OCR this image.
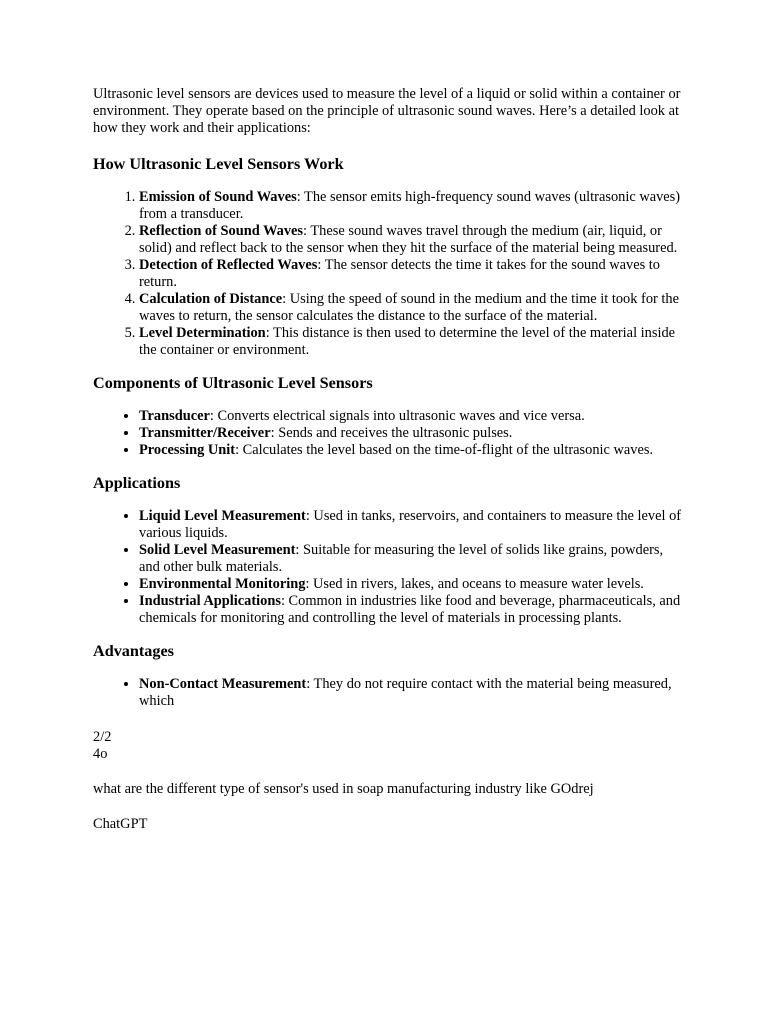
Ultrasonic level sensors are devices used to measure the level of a liquid or solid within a container or environment. They operate based on the principle of ultrasonic sound waves. Here’s a detailed look at how they work and their applications:

How Ultrasonic Level Sensors Work
1. Emission of Sound Waves: The sensor emits high-frequency sound waves (ultrasonic waves) from a transducer.
2. Reflection of Sound Waves: These sound waves travel through the medium (air, liquid, or solid) and reflect back to the sensor when they hit the surface of the material being measured.
3. Detection of Reflected Waves: The sensor detects the time it takes for the sound waves to return.
4. Calculation of Distance: Using the speed of sound in the medium and the time it took for the waves to return, the sensor calculates the distance to the surface of the material.
5. Level Determination: This distance is then used to determine the level of the material inside the container or environment.
Components of Ultrasonic Level Sensors
• Transducer: Converts electrical signals into ultrasonic waves and vice versa.
• Transmitter/Receiver: Sends and receives the ultrasonic pulses.
• Processing Unit: Calculates the level based on the time-of-flight of the ultrasonic waves.
Applications
• Liquid Level Measurement: Used in tanks, reservoirs, and containers to measure the level of various liquids.
• Solid Level Measurement: Suitable for measuring the level of solids like grains, powders, and other bulk materials.
• Environmental Monitoring: Used in rivers, lakes, and oceans to measure water levels.
• Industrial Applications: Common in industries like food and beverage, pharmaceuticals, and chemicals for monitoring and controlling the level of materials in processing plants.
Advantages
• Non-Contact Measurement: They do not require contact with the material being measured, which

2/2

4o

what are the different type of sensor's used in soap manufacturing industry like GOdrej

ChatGPT
